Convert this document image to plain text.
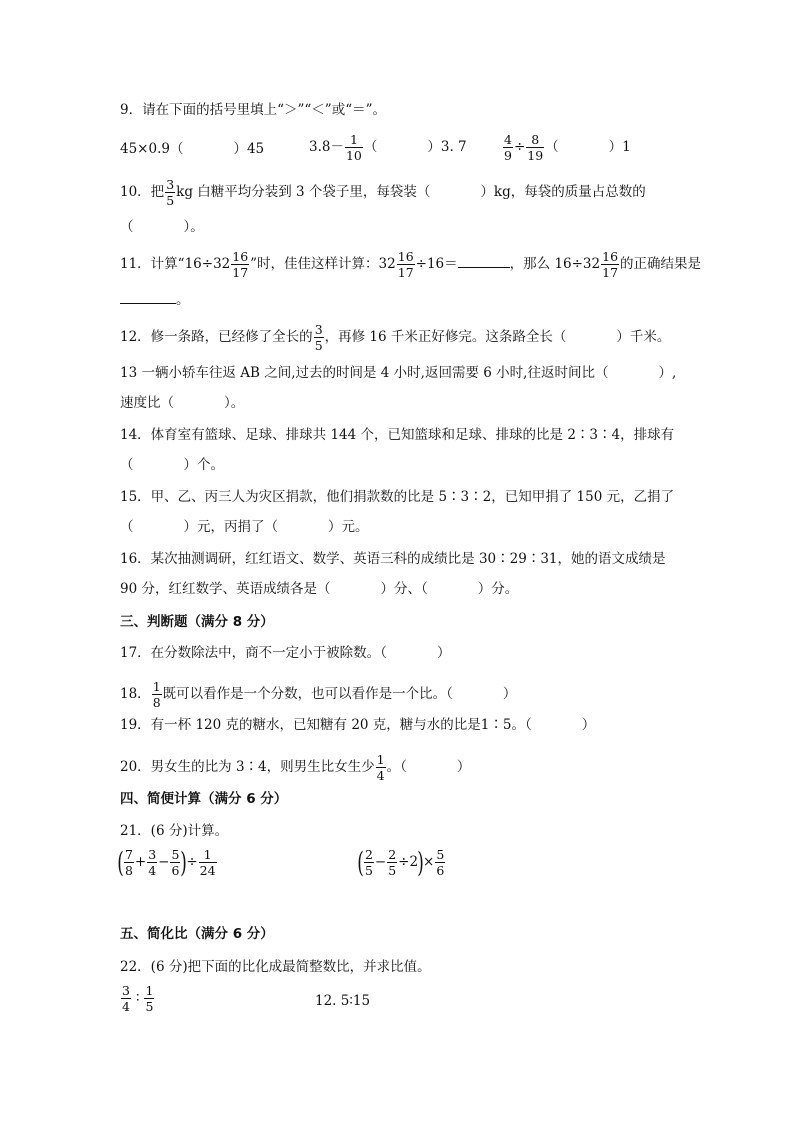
9．请在下面的括号里填上“＞”“＜”或“＝”。
45×0.9（	）45	$3.8- \frac{1}{10}$ （	）3. 7	$\frac{4}{9} \div \frac{8}{19}$ （	）1
10．把 $\frac{3}{5}$ kg 白糖平均分装到 3 个袋子里，每袋装（	）kg，每袋的质量占总数的
（	）。
11．计算“$16\div 32 \frac{16}{17}$ ”时，佳佳这样计算：$32 \frac{16}{17} \div 16=$	，那么 $16\div 32 \frac{16}{17}$ 的正确结果是
。
12．修一条路，已经修了全长的 $\frac{3}{5}$ ，再修 16 千米正好修完。这条路全长（	）千米。
13 一辆小轿车往返 AB 之间,过去的时间是 4 小时,返回需要 6 小时,往返时间比（	）,
速度比（	）。
14．体育室有篮球、足球、排球共 144 个，已知篮球和足球、排球的比是 2∶3∶4，排球有
（	）个。
15．甲、乙、丙三人为灾区捐款，他们捐款数的比是 5∶3∶2，已知甲捐了 150 元，乙捐了
（	）元，丙捐了（	）元。
16．某次抽测调研，红红语文、数学、英语三科的成绩比是 30∶29∶31，她的语文成绩是
90 分，红红数学、英语成绩各是（	）分、（	）分。
三、判断题（满分 8 分）
17．在分数除法中，商不一定小于被除数。（	）
18． $\frac{1}{8}$ 既可以看作是一个分数，也可以看作是一个比。（	）
19．有一杯 120 克的糖水，已知糖有 20 克，糖与水的比是1∶5。（	）
20．男女生的比为 3∶4，则男生比女生少 $\frac{1}{4}$ 。（	）
四、简便计算（满分 6 分）
21．(6 分)计算。
( $\frac{7}{8} + \frac{3}{4} - \frac{5}{6}$ )÷ $\frac{1}{24}$	( $\frac{2}{5} - \frac{2}{5} \div 2)\times \frac{5}{6}$
五、简化比（满分 6 分）
22．(6 分)把下面的比化成最简整数比，并求比值。
$\frac{3}{4}$ ∶ $\frac{1}{5}$	12. 5∶15
